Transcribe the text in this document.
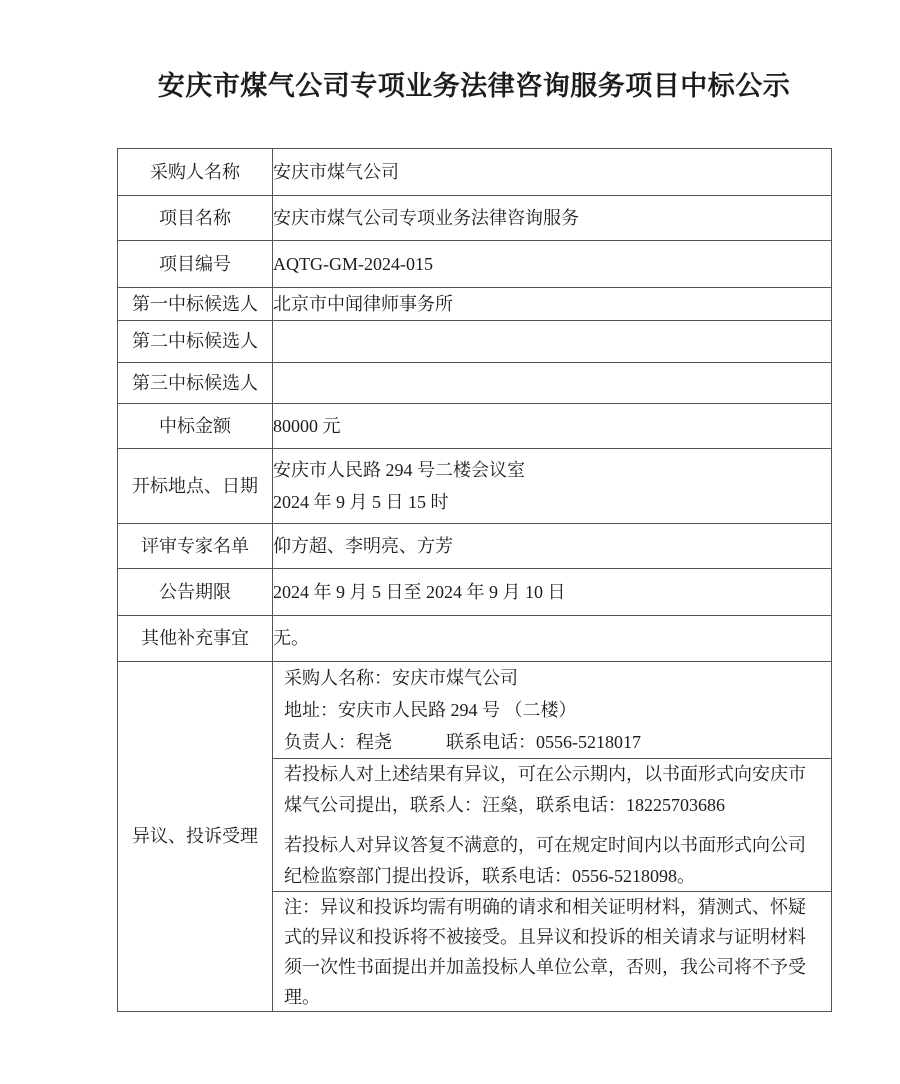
安庆市煤气公司专项业务法律咨询服务项目中标公示
采购人名称	安庆市煤气公司
项目名称	安庆市煤气公司专项业务法律咨询服务
项目编号	AQTG-GM-2024-015
第一中标候选人	北京市中闻律师事务所
第二中标候选人	
第三中标候选人	
中标金额	80000 元
开标地点、日期	安庆市人民路 294 号二楼会议室
2024 年 9 月 5 日 15 时

评审专家名单	仰方超、李明亮、方芳
公告期限	2024 年 9 月 5 日至 2024 年 9 月 10 日
其他补充事宜	无。
异议、投诉受理	
采购人名称：安庆市煤气公司
地址：安庆市人民路 294 号 （二楼）
负责人：程尧　　　联系电话：0556-5218017

若投标人对上述结果有异议，可在公示期内，以书面形式向安庆市煤气公司提出，联系人：汪燊，联系电话：18225703686

若投标人对异议答复不满意的，可在规定时间内以书面形式向公司纪检监察部门提出投诉，联系电话：0556-5218098。

注：异议和投诉均需有明确的请求和相关证明材料，猜测式、怀疑式的异议和投诉将不被接受。且异议和投诉的相关请求与证明材料须一次性书面提出并加盖投标人单位公章，否则，我公司将不予受理。
